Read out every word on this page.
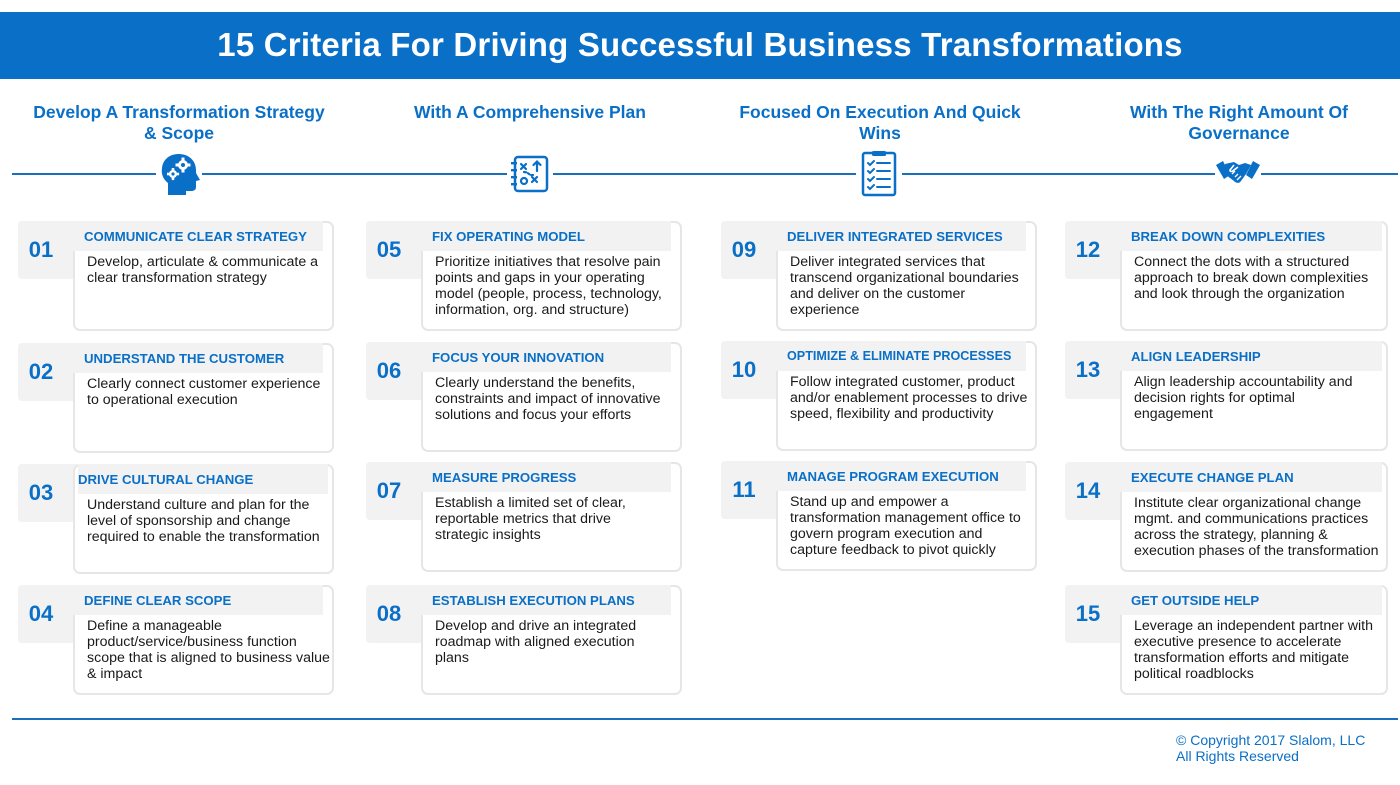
15 Criteria For Driving Successful Business Transformations
Develop A Transformation Strategy & Scope
With A Comprehensive Plan	Focused On Execution And Quick Wins
With The Right Amount Of Governance
01
COMMUNICATE CLEAR STRATEGY
Develop, articulate & communicate a clear transformation strategy
02
UNDERSTAND THE CUSTOMER
Clearly connect customer experience to operational execution
03
DRIVE CULTURAL CHANGE
Understand culture and plan for the level of sponsorship and change required to enable the transformation
04
DEFINE CLEAR SCOPE
Define a manageable product/service/business function scope that is aligned to business value & impact
05
FIX OPERATING MODEL
Prioritize initiatives that resolve pain points and gaps in your operating model (people, process, technology, information, org. and structure)
06
FOCUS YOUR INNOVATION
Clearly understand the benefits, constraints and impact of innovative solutions and focus your efforts
07
MEASURE PROGRESS
Establish a limited set of clear, reportable metrics that drive strategic insights
08
ESTABLISH EXECUTION PLANS
Develop and drive an integrated roadmap with aligned execution plans
09
DELIVER INTEGRATED SERVICES
Deliver integrated services that transcend organizational boundaries and deliver on the customer experience
10
OPTIMIZE & ELIMINATE PROCESSES
Follow integrated customer, product and/or enablement processes to drive speed, flexibility and productivity
11
MANAGE PROGRAM EXECUTION
Stand up and empower a transformation management office to govern program execution and capture feedback to pivot quickly
12
BREAK DOWN COMPLEXITIES
Connect the dots with a structured approach to break down complexities and look through the organization
13
ALIGN LEADERSHIP
Align leadership accountability and decision rights for optimal engagement
14
EXECUTE CHANGE PLAN
Institute clear organizational change mgmt. and communications practices across the strategy, planning & execution phases of the transformation
15
GET OUTSIDE HELP
Leverage an independent partner with executive presence to accelerate transformation efforts and mitigate political roadblocks
© Copyright 2017 Slalom, LLC
All Rights Reserved
